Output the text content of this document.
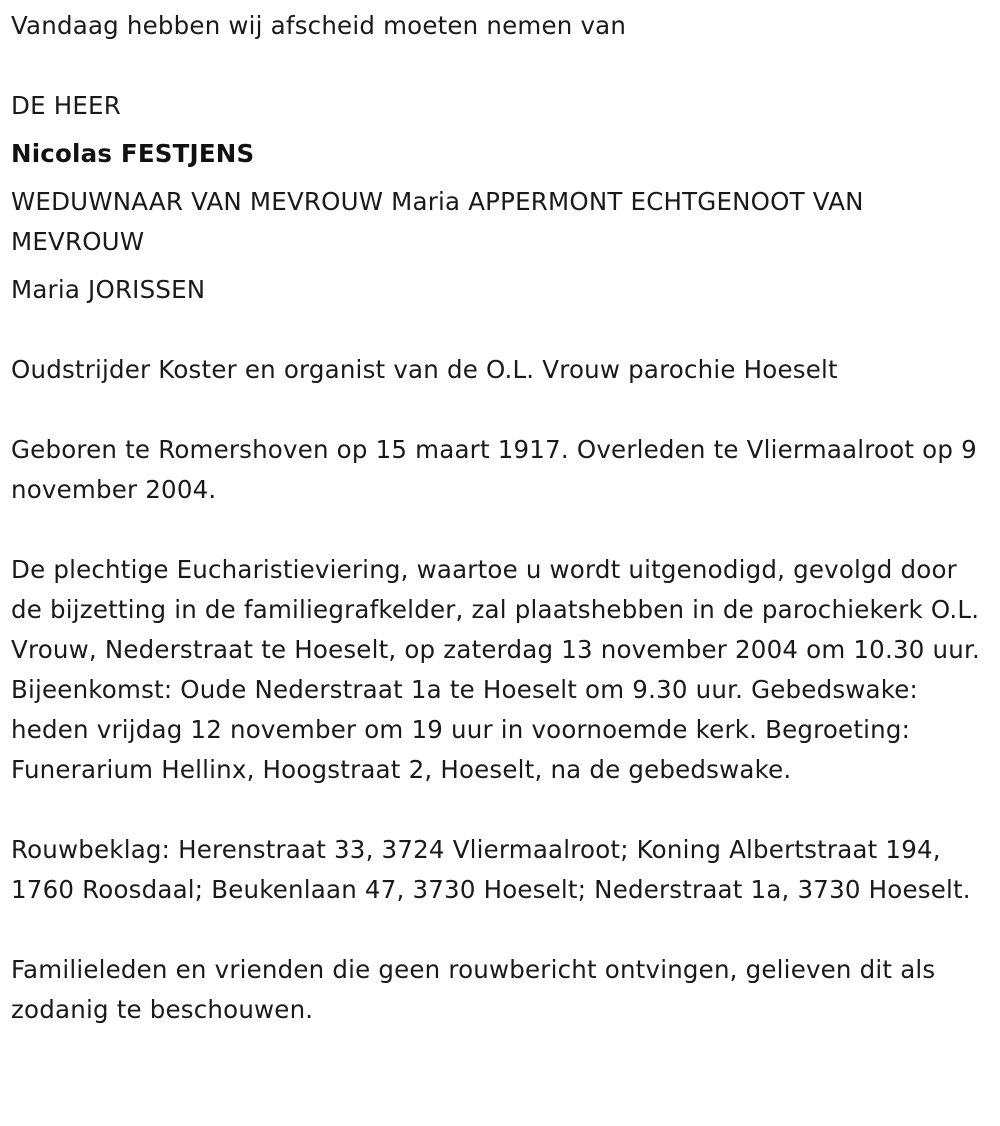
Vandaag hebben wij afscheid moeten nemen van

DE HEER

Nicolas FESTJENS

WEDUWNAAR VAN MEVROUW Maria APPERMONT ECHTGENOOT VAN

MEVROUW

Maria JORISSEN

Oudstrijder Koster en organist van de O.L. Vrouw parochie Hoeselt

Geboren te Romershoven op 15 maart 1917. Overleden te Vliermaalroot op 9 november 2004.

De plechtige Eucharistieviering, waartoe u wordt uitgenodigd, gevolgd door de bijzetting in de familiegrafkelder, zal plaatshebben in de parochiekerk O.L. Vrouw, Nederstraat te Hoeselt, op zaterdag 13 november 2004 om 10.30 uur. Bijeenkomst: Oude Nederstraat 1a te Hoeselt om 9.30 uur. Gebedswake: heden vrijdag 12 november om 19 uur in voornoemde kerk. Begroeting: Funerarium Hellinx, Hoogstraat 2, Hoeselt, na de gebedswake.

Rouwbeklag: Herenstraat 33, 3724 Vliermaalroot; Koning Albertstraat 194, 1760 Roosdaal; Beukenlaan 47, 3730 Hoeselt; Nederstraat 1a, 3730 Hoeselt.

Familieleden en vrienden die geen rouwbericht ontvingen, gelieven dit als zodanig te beschouwen.
